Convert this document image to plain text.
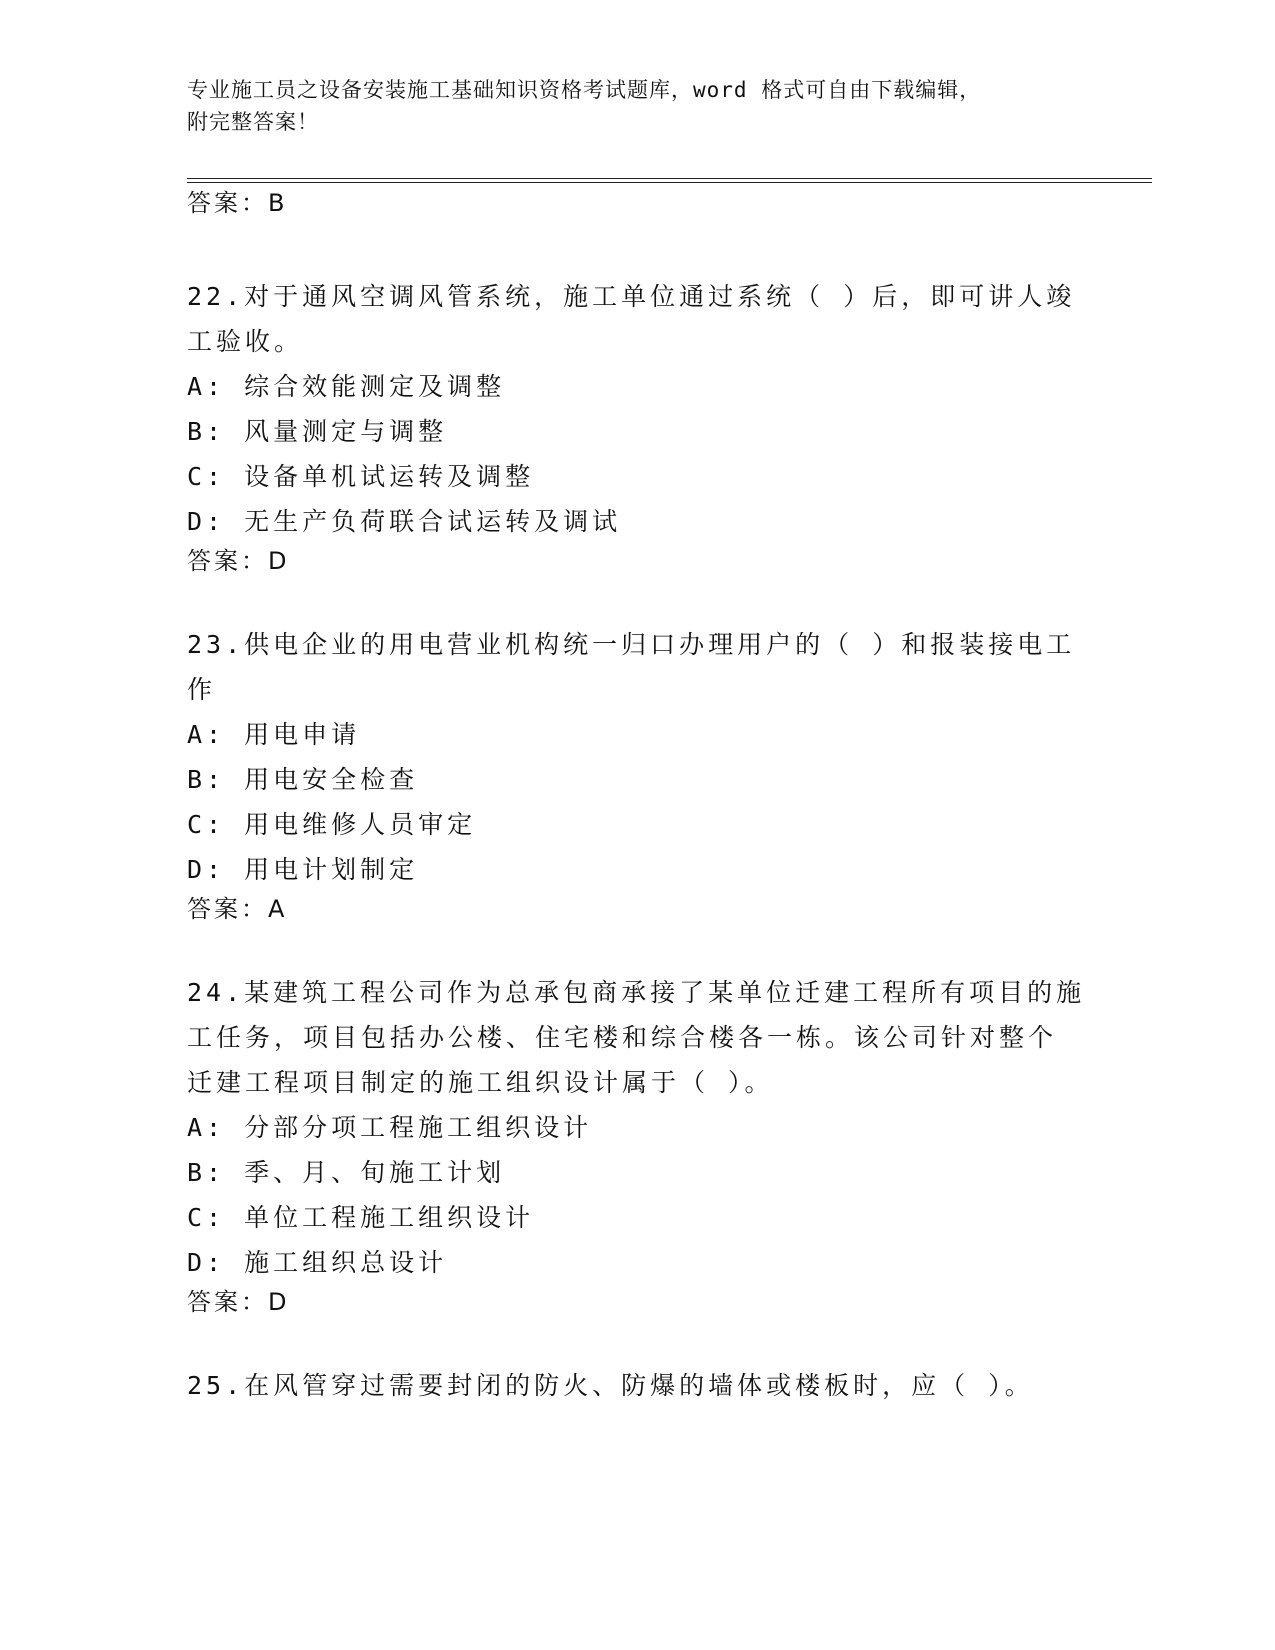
专业施工员之设备安装施工基础知识资格考试题库，word 格式可自由下载编辑，
附完整答案！
答案：B
22.对于通风空调风管系统，施工单位通过系统（ ）后，即可讲人竣
工验收。
A: 综合效能测定及调整
B: 风量测定与调整
C: 设备单机试运转及调整
D: 无生产负荷联合试运转及调试
答案：D
23.供电企业的用电营业机构统一归口办理用户的（ ）和报装接电工
作
A: 用电申请
B: 用电安全检查
C: 用电维修人员审定
D: 用电计划制定
答案：A
24.某建筑工程公司作为总承包商承接了某单位迁建工程所有项目的施
工任务，项目包括办公楼、住宅楼和综合楼各一栋。该公司针对整个
迁建工程项目制定的施工组织设计属于（ ）。
A: 分部分项工程施工组织设计
B: 季、月、旬施工计划
C: 单位工程施工组织设计
D: 施工组织总设计
答案：D
25.在风管穿过需要封闭的防火、防爆的墙体或楼板时，应（ ）。
